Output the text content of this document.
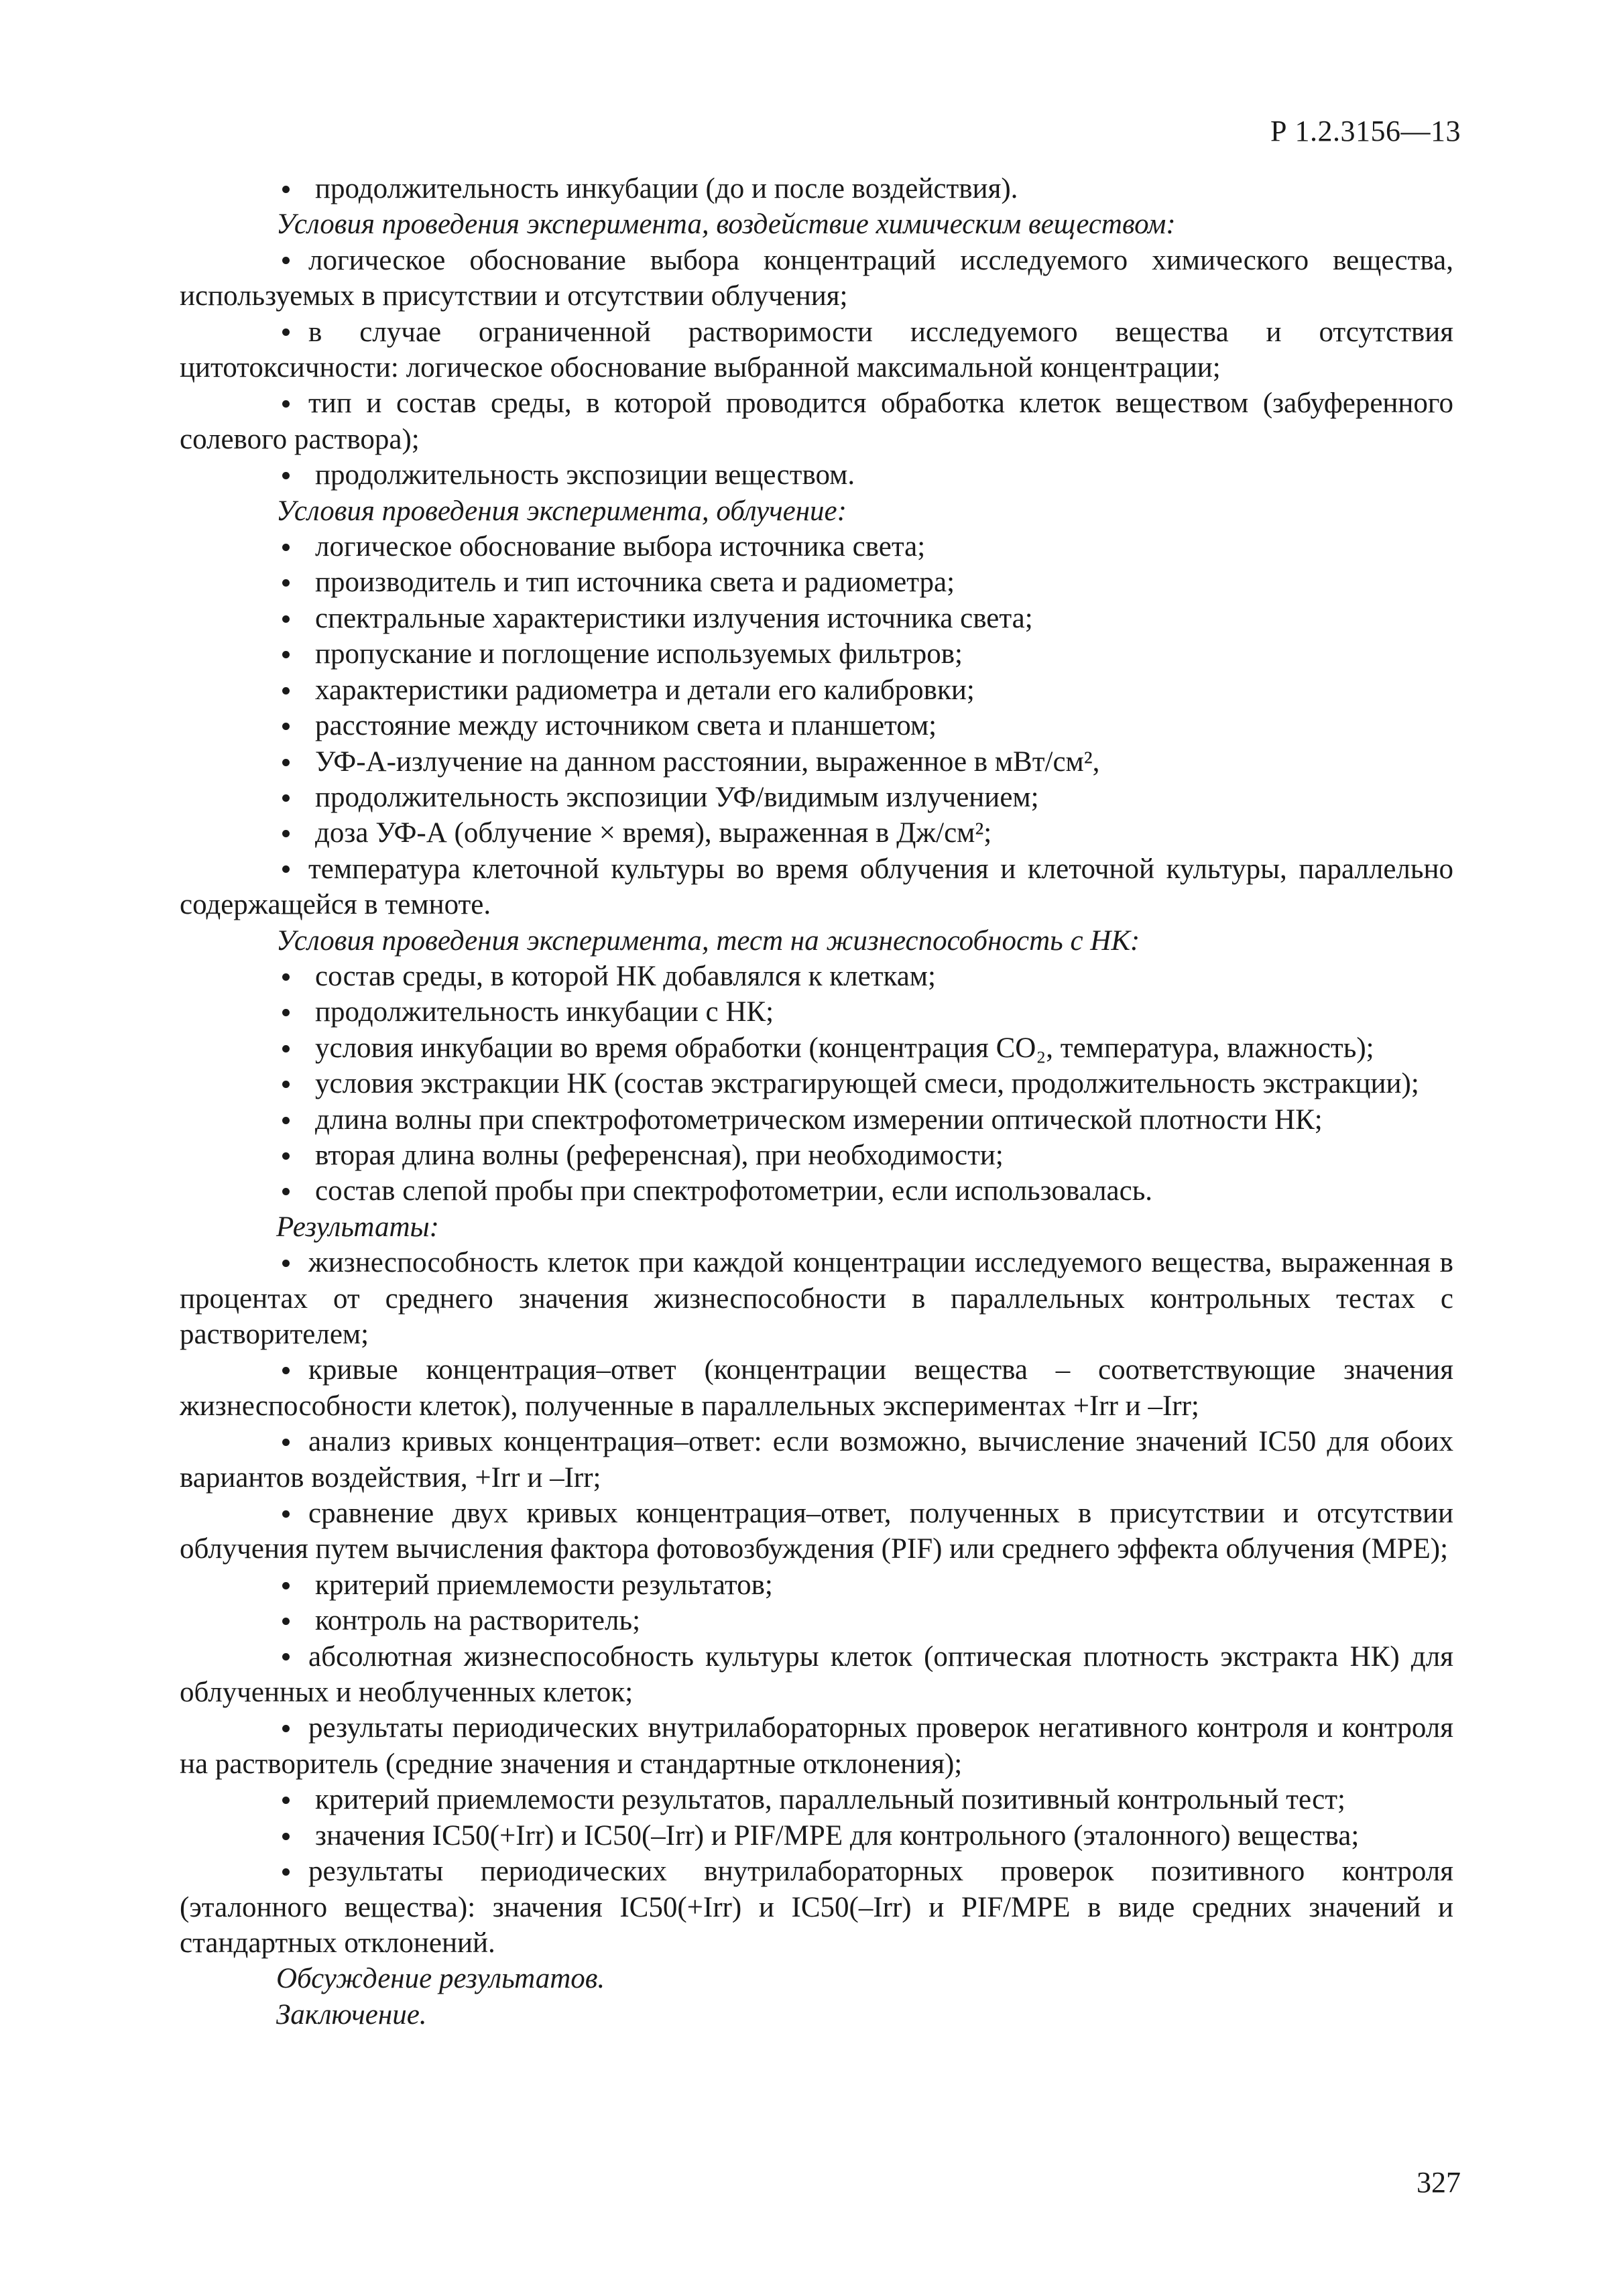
Р 1.2.3156—13

продолжительность инкубации (до и после воздействия).

Условия проведения эксперимента, воздействие химическим веществом:

логическое обоснование выбора концентраций исследуемого химического вещества, используемых в присутствии и отсутствии облучения;

в случае ограниченной растворимости исследуемого вещества и отсутствия цитотоксичности: логическое обоснование выбранной максимальной концентрации;

тип и состав среды, в которой проводится обработка клеток веществом (забуференного солевого раствора);

продолжительность экспозиции веществом.

Условия проведения эксперимента, облучение:

логическое обоснование выбора источника света;

производитель и тип источника света и радиометра;

спектральные характеристики излучения источника света;

пропускание и поглощение используемых фильтров;

характеристики радиометра и детали его калибровки;

расстояние между источником света и планшетом;

УФ-А-излучение на данном расстоянии, выраженное в мВт/см²,

продолжительность экспозиции УФ/видимым излучением;

доза УФ-А (облучение × время), выраженная в Дж/см²;

температура клеточной культуры во время облучения и клеточной культуры, параллельно содержащейся в темноте.

Условия проведения эксперимента, тест на жизнеспособность с НК:

состав среды, в которой НК добавлялся к клеткам;

продолжительность инкубации с НК;

условия инкубации во время обработки (концентрация CO₂, температура, влажность);

условия экстракции НК (состав экстрагирующей смеси, продолжительность экстракции);

длина волны при спектрофотометрическом измерении оптической плотности НК;

вторая длина волны (референсная), при необходимости;

состав слепой пробы при спектрофотометрии, если использовалась.

Результаты:

жизнеспособность клеток при каждой концентрации исследуемого вещества, выраженная в процентах от среднего значения жизнеспособности в параллельных контрольных тестах с растворителем;

кривые концентрация–ответ (концентрации вещества – соответствующие значения жизнеспособности клеток), полученные в параллельных экспериментах +Irr и –Irr;

анализ кривых концентрация–ответ: если возможно, вычисление значений IC50 для обоих вариантов воздействия, +Irr и –Irr;

сравнение двух кривых концентрация–ответ, полученных в присутствии и отсутствии облучения путем вычисления фактора фотовозбуждения (PIF) или среднего эффекта облучения (МРЕ);

критерий приемлемости результатов;

контроль на растворитель;

абсолютная жизнеспособность культуры клеток (оптическая плотность экстракта НК) для облученных и необлученных клеток;

результаты периодических внутрилабораторных проверок негативного контроля и контроля на растворитель (средние значения и стандартные отклонения);

критерий приемлемости результатов, параллельный позитивный контрольный тест;

значения IC50(+Irr) и IC50(–Irr) и PIF/MPE для контрольного (эталонного) вещества;

результаты периодических внутрилабораторных проверок позитивного контроля (эталонного вещества): значения IC50(+Irr) и IC50(–Irr) и PIF/MPE в виде средних значений и стандартных отклонений.

Обсуждение результатов.

Заключение.

327
